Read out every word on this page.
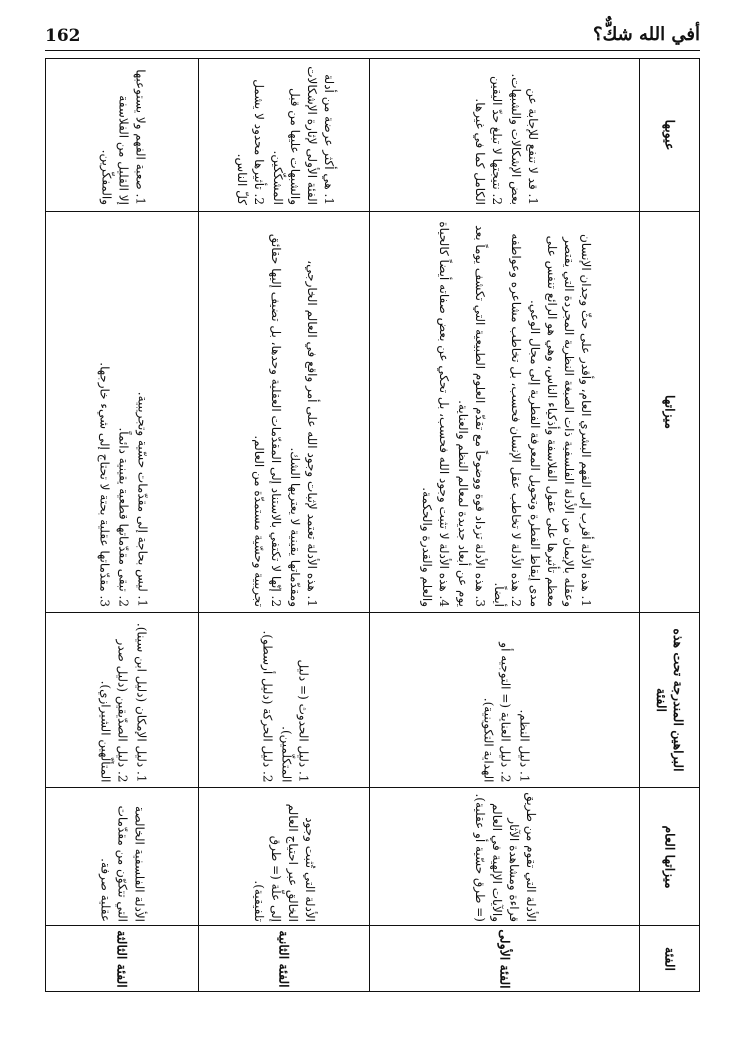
162	أفي الله شكٌّ؟
عيوبها
ميزاتها
البراهين المندرجة تحت هذه الفئة
ميزاتها العام
الفئة
1. قد لا تنفع للإجابة عن بعض الإشكالات والشبهات.
2. نتيجتها لا تبلغ حدّ اليقين الكامل كما في غيرها.
1. هذه الأدلة أقرب إلى الفهم البشري العام، وأقدر على حثّ وجدان الإنسان وعقله بالإيمان من الأدلة الفلسفية ذات الصبغة النظرية المجردة التي يقتصر معظم تأثيرها على عقول الفلاسفة وأذكياء الناس، وهي هو الرائع تنفس على مدى إيقاظ الفطرة وتحويل المعرفة الفطرية إلى مجال الوعي.
2. هذه الأدلة لا تخاطب عقل الإنسان فحسب، بل تخاطب مشاعره وعواطفه أيضاً.
3. هذه الأدلة تزداد قوة ووضوحاً مع تقدّم العلوم الطبيعية التي تكشف يوماً بعد يوم عن أبعاد جديدة لمعالم النظم والعناية.
4. هذه الأدلة لا تثبت وجود الله فحسب، بل تحكي عن بعض صفاته أيضاً كالحياة والعلم والقدرة والحكمة.
1. دليل النظم.
2. دليل العناية (= التوجيه أو الهداية التكوينية).
الأدلة التي تقوم من طريق قراءة ومشاهدة الآثار والآيات الإلهية في العالم (= طرق حسّية أو عقلية).
الفئة الأولى
1. هي أكثر عرضة من أدلة الفئة الأولى لإثارة الإشكالات والشبهات عليها من قبل المشكّكين.
2. تأثيرها محدود لا يشمل كلّ الناس.
1. هذه الأدلة تعتمد لإثبات وجود الله على أمر واقع في العالم الخارجي، ومقدّماتها يقينية لا يعتريها الشك.
2. إنّها لا تكتفي بالاستناد إلى المقدّمات العقلية وحدها، بل تضيف إليها حقائق تجريبية وحسّية مستمدّة من العالم.
1. دليل الحدوث (= دليل المتكلّمين).
2. دليل الحركة (دليل أرسطو).
الأدلة التي تُثبت وجود الخالق عبر احتياج العالم إلى علّة (= طرق تلفيقية).
الفئة الثانية
1. صعبة الفهم ولا يستوعبها إلا القليل من الفلاسفة والمفكّرين.
1. ليس بحاجة إلى مقدّمات حسّية وتجريبية.
2. تبقى مقدّماتها قطعية يقينية دائماً.
3. مقدّماتها عقلية بحتة لا تحتاج إلى شيء خارجها.
1. دليل الإمكان (دليل ابن سينا).
2. دليل الصدّيقين (دليل صدر المتألّهين الشيرازي).
الأدلة الفلسفية الخالصة التي تتكوّن من مقدّمات عقلية صرفة.
الفئة الثالثة
